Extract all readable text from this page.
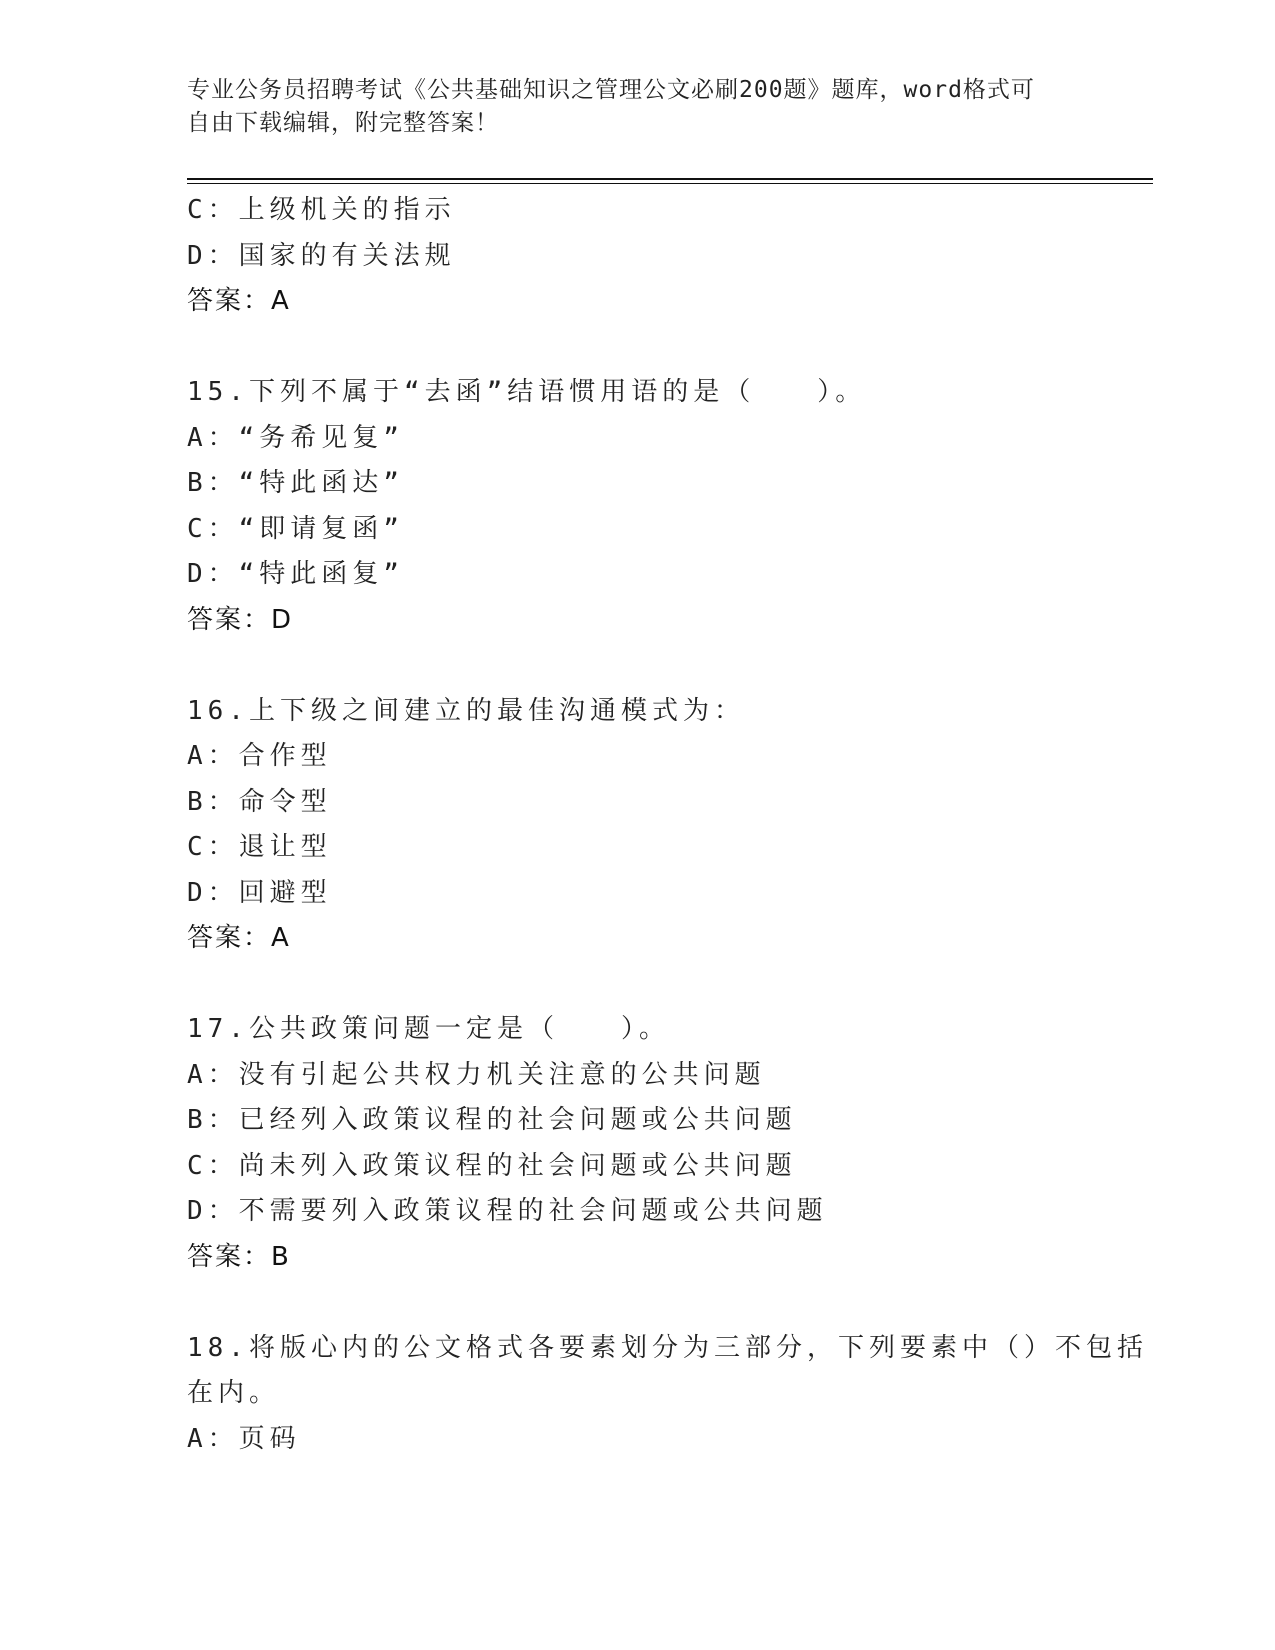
专业公务员招聘考试《公共基础知识之管理公文必刷200题》题库，word格式可
自由下载编辑，附完整答案！
C：上级机关的指示
D：国家的有关法规
答案：A
15.下列不属于“去函”结语惯用语的是（　　）。
A：“务希见复”
B：“特此函达”
C：“即请复函”
D：“特此函复”
答案：D
16.上下级之间建立的最佳沟通模式为：
A：合作型
B：命令型
C：退让型
D：回避型
答案：A
17.公共政策问题一定是（　　）。
A：没有引起公共权力机关注意的公共问题
B：已经列入政策议程的社会问题或公共问题
C：尚未列入政策议程的社会问题或公共问题
D：不需要列入政策议程的社会问题或公共问题
答案：B
18.将版心内的公文格式各要素划分为三部分，下列要素中（）不包括
在内。
A：页码
